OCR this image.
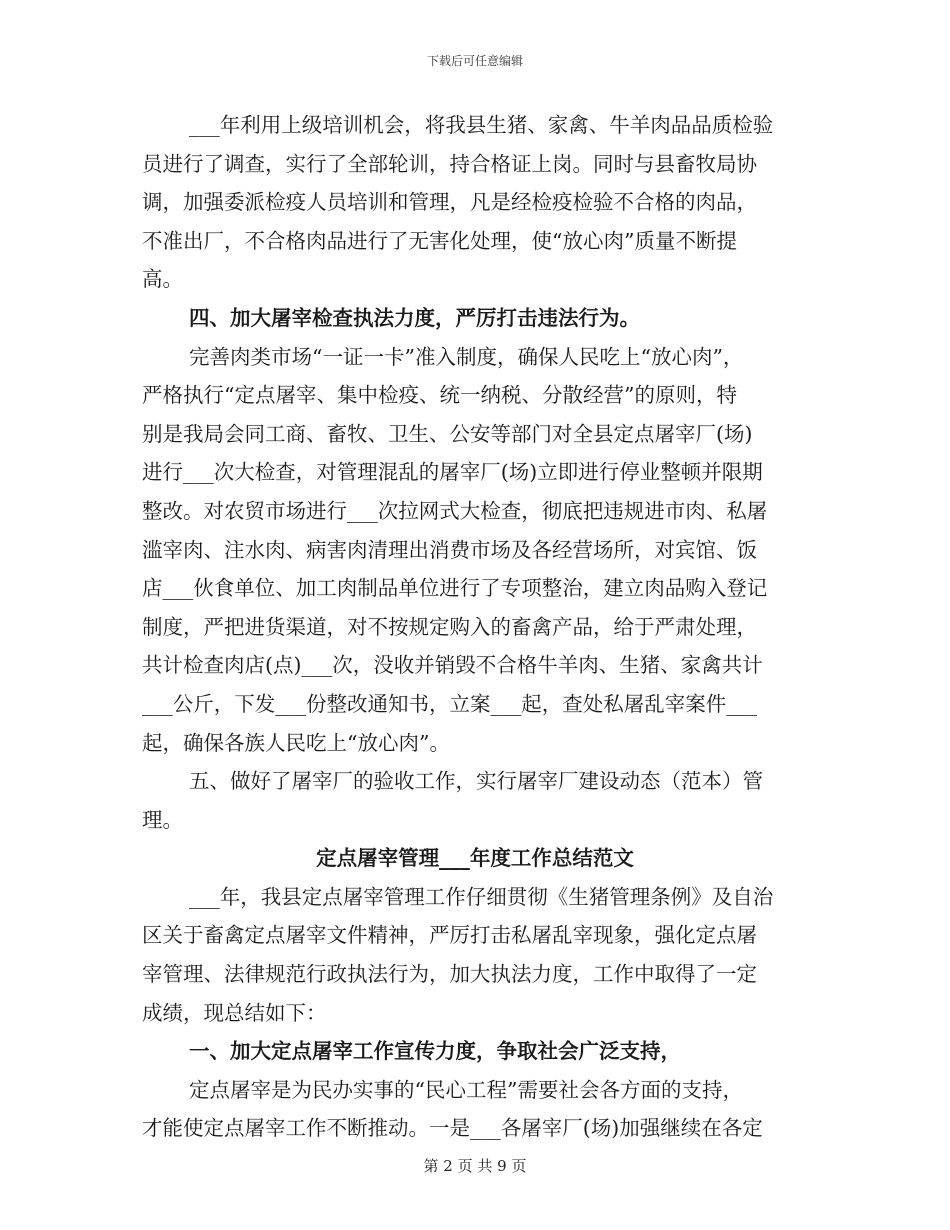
下载后可任意编辑
___年利用上级培训机会，将我县生猪、家禽、牛羊肉品品质检验
员进行了调查，实行了全部轮训，持合格证上岗。同时与县畜牧局协
调，加强委派检疫人员培训和管理，凡是经检疫检验不合格的肉品，
不准出厂，不合格肉品进行了无害化处理，使“放心肉”质量不断提
高。
四、加大屠宰检查执法力度，严厉打击违法行为。
完善肉类市场“一证一卡”准入制度，确保人民吃上“放心肉”，
严格执行“定点屠宰、集中检疫、统一纳税、分散经营”的原则，特
别是我局会同工商、畜牧、卫生、公安等部门对全县定点屠宰厂(场)
进行___次大检查，对管理混乱的屠宰厂(场)立即进行停业整顿并限期
整改。对农贸市场进行___次拉网式大检查，彻底把违规进市肉、私屠
滥宰肉、注水肉、病害肉清理出消费市场及各经营场所，对宾馆、饭
店___伙食单位、加工肉制品单位进行了专项整治，建立肉品购入登记
制度，严把进货渠道，对不按规定购入的畜禽产品，给于严肃处理，
共计检查肉店(点)___次，没收并销毁不合格牛羊肉、生猪、家禽共计
___公斤，下发___份整改通知书，立案___起，查处私屠乱宰案件___
起，确保各族人民吃上“放心肉”。
五、做好了屠宰厂的验收工作，实行屠宰厂建设动态（范本）管
理。
定点屠宰管理___年度工作总结范文
___年，我县定点屠宰管理工作仔细贯彻《生猪管理条例》及自治
区关于畜禽定点屠宰文件精神，严厉打击私屠乱宰现象，强化定点屠
宰管理、法律规范行政执法行为，加大执法力度，工作中取得了一定
成绩，现总结如下：
一、加大定点屠宰工作宣传力度，争取社会广泛支持，
定点屠宰是为民办实事的“民心工程”需要社会各方面的支持，
才能使定点屠宰工作不断推动。一是___各屠宰厂(场)加强继续在各定
第 2 页 共 9 页
